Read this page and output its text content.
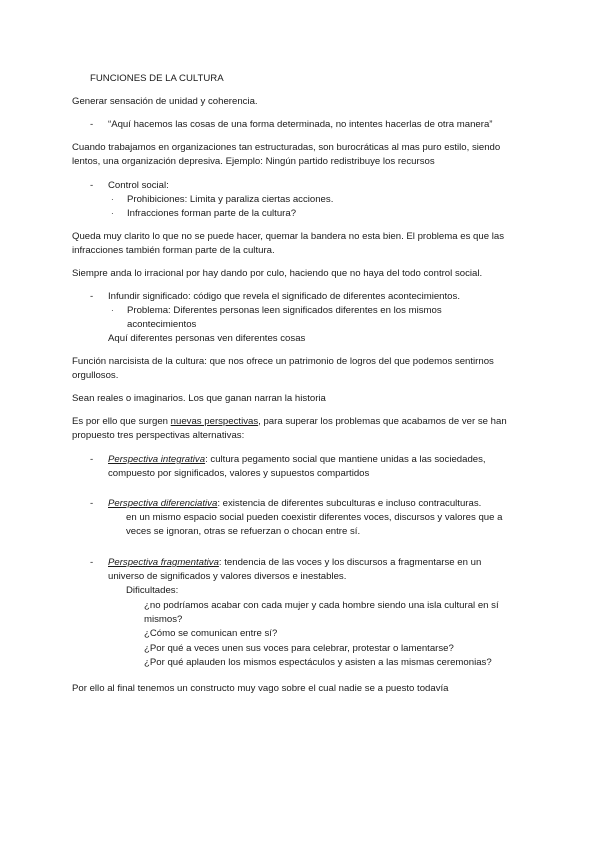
FUNCIONES DE LA CULTURA
Generar sensación de unidad y coherencia.
- “Aquí hacemos las cosas de una forma determinada, no intentes hacerlas de otra manera”
Cuando trabajamos en organizaciones tan estructuradas, son burocráticas al mas puro estilo, siendo
lentos, una organización depresiva. Ejemplo: Ningún partido redistribuye los recursos
- Control social:
· Prohibiciones: Limita y paraliza ciertas acciones.
· Infracciones forman parte de la cultura?
Queda muy clarito lo que no se puede hacer, quemar la bandera no esta bien. El problema es que las
infracciones también forman parte de la cultura.
Siempre anda lo irracional por hay dando por culo, haciendo que no haya del todo control social.
- Infundir significado: código que revela el significado de diferentes acontecimientos.
· Problema: Diferentes personas leen significados diferentes en los mismos
acontecimientos
Aquí diferentes personas ven diferentes cosas
Función narcisista de la cultura: que nos ofrece un patrimonio de logros del que podemos sentirnos
orgullosos.
Sean reales o imaginarios. Los que ganan narran la historia
Es por ello que surgen nuevas perspectivas, para superar los problemas que acabamos de ver se han
propuesto tres perspectivas alternativas:
- Perspectiva integrativa: cultura pegamento social que mantiene unidas a las sociedades,
compuesto por significados, valores y supuestos compartidos
- Perspectiva diferenciativa: existencia de diferentes subculturas e incluso contraculturas.
en un mismo espacio social pueden coexistir diferentes voces, discursos y valores que a
veces se ignoran, otras se refuerzan o chocan entre sí.
- Perspectiva fragmentativa: tendencia de las voces y los discursos a fragmentarse en un
universo de significados y valores diversos e inestables.
Dificultades:
¿no podríamos acabar con cada mujer y cada hombre siendo una isla cultural en sí
mismos?
¿Cómo se comunican entre sí?
¿Por qué a veces unen sus voces para celebrar, protestar o lamentarse?
¿Por qué aplauden los mismos espectáculos y asisten a las mismas ceremonias?
Por ello al final tenemos un constructo muy vago sobre el cual nadie se a puesto todavía
